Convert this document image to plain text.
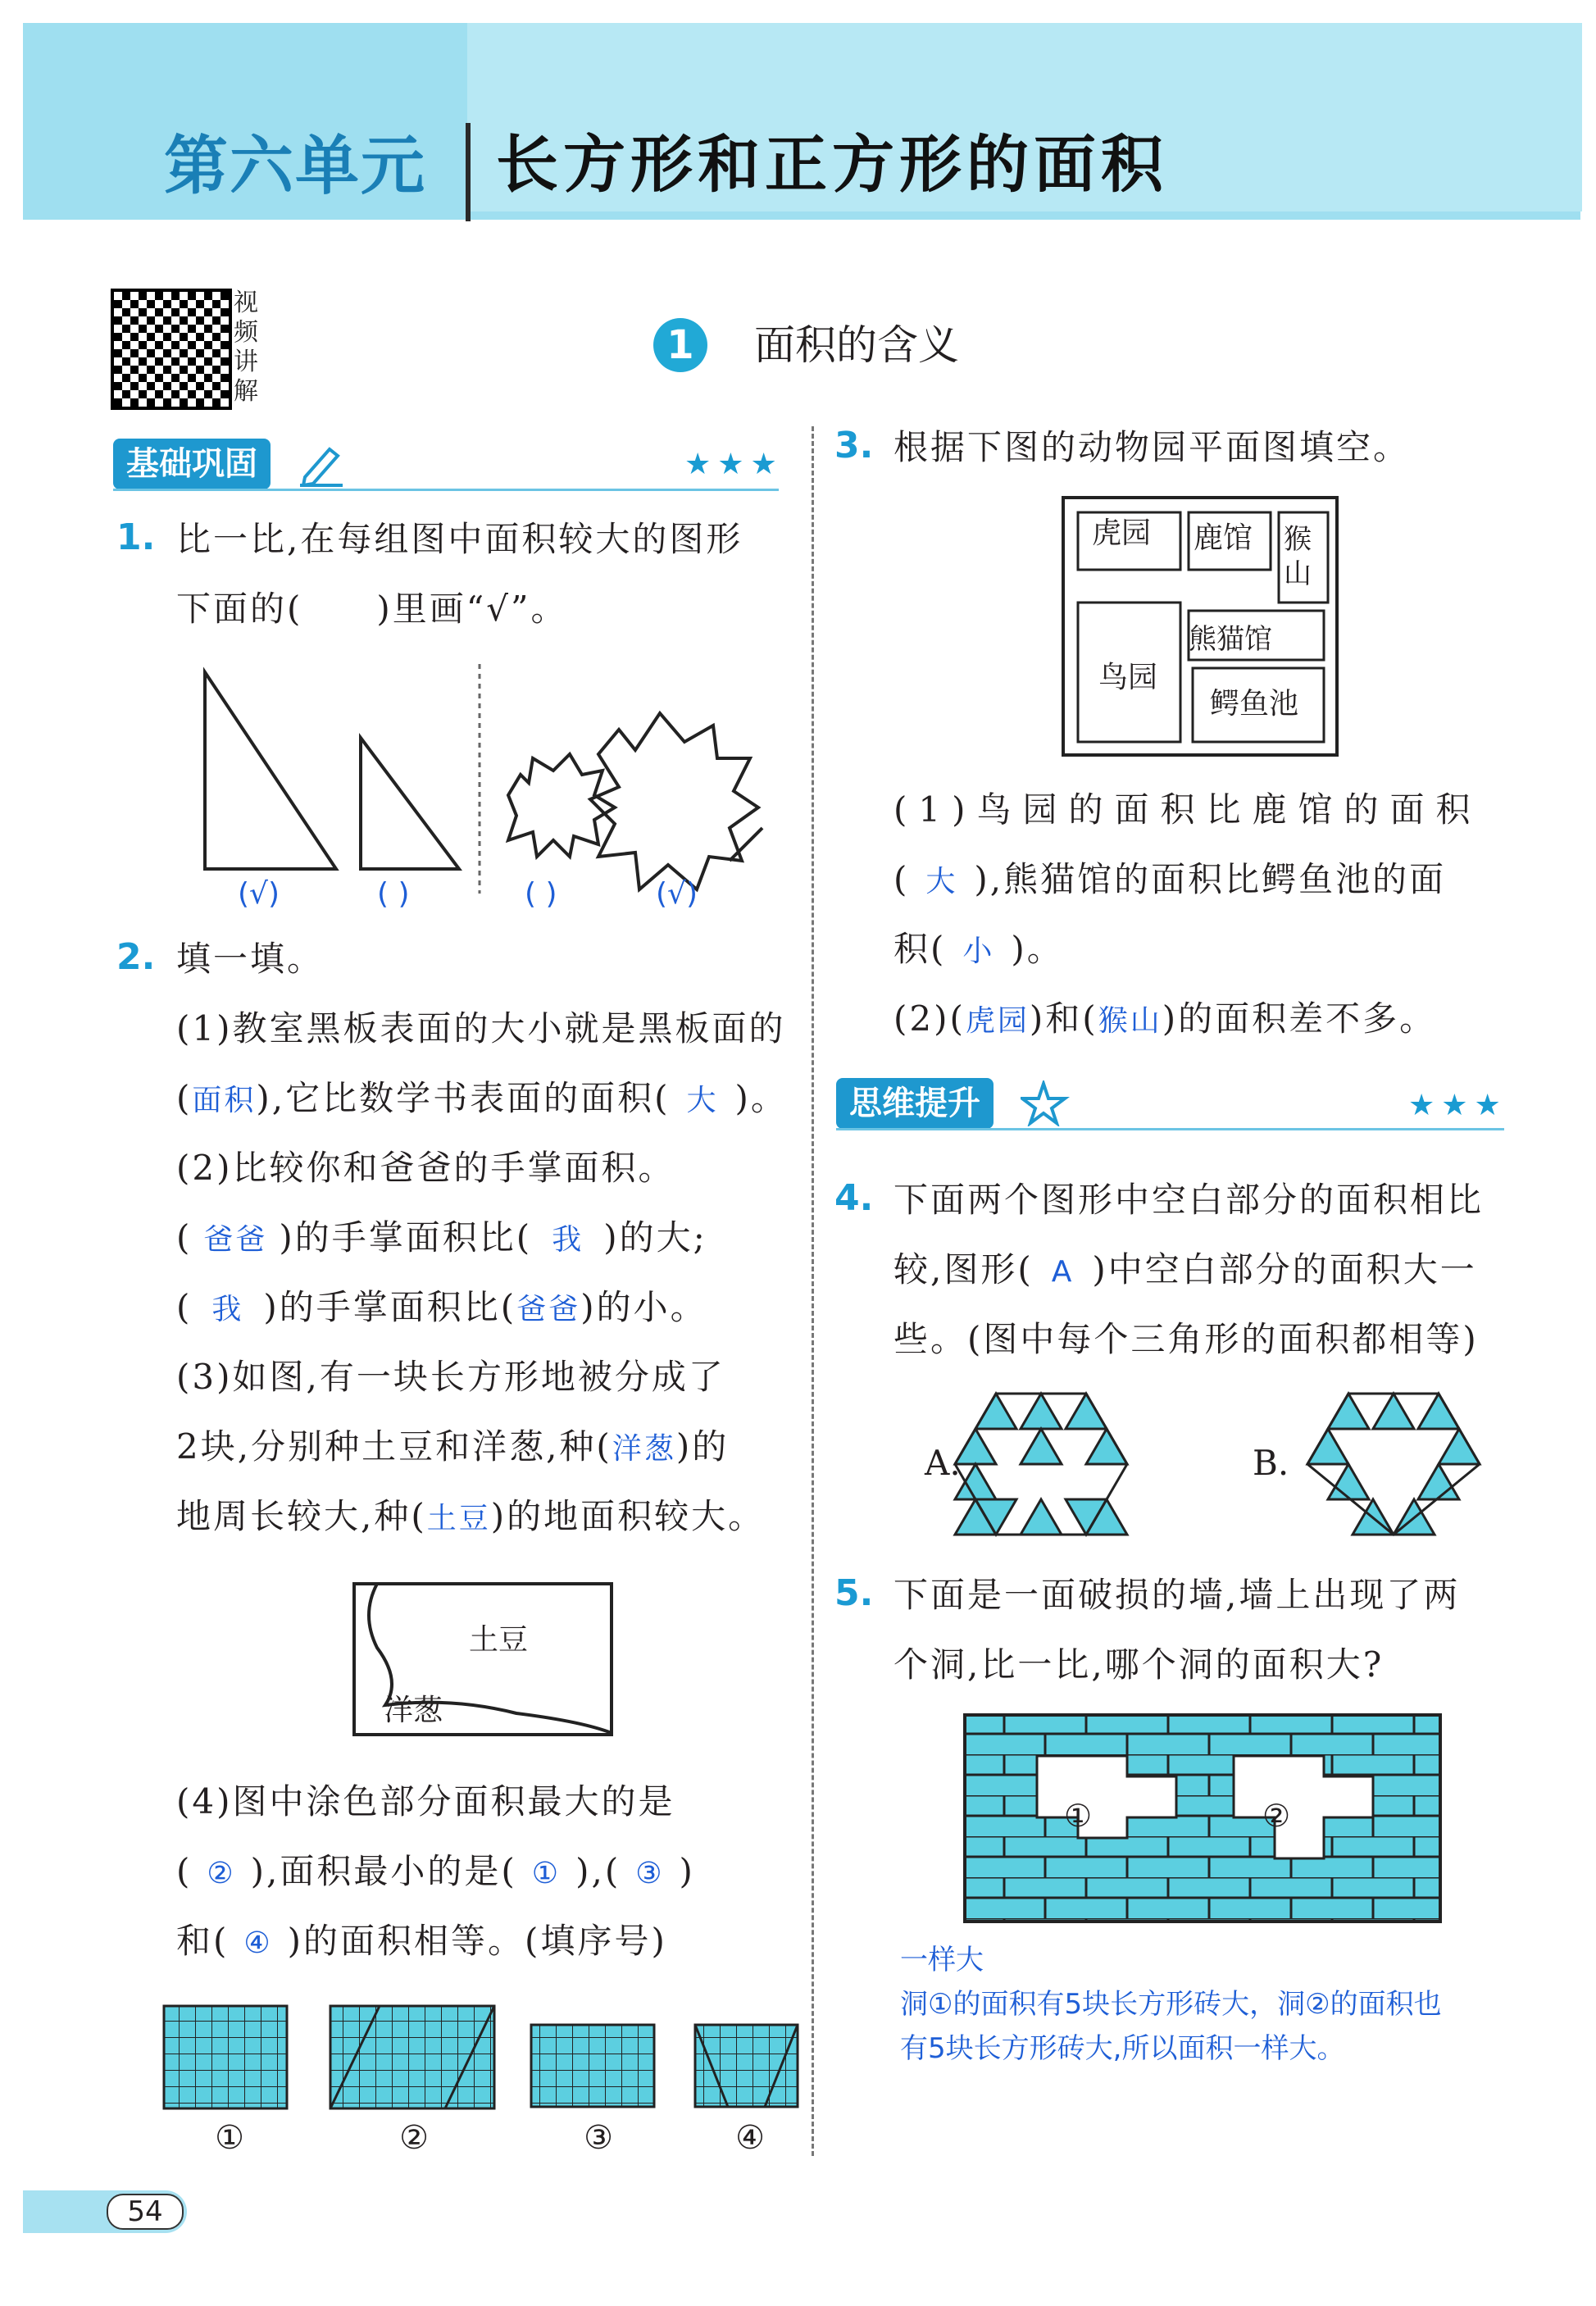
第六单元 长方形和正方形的面积
视
频
讲
解
1	面积的含义
基础巩固	★★★
1. 比一比,在每组图中面积较大的图形
下面的(　　)里画“√”。
(√)	( )	( )	(√)
2. 填一填。
(1)教室黑板表面的大小就是黑板面的
(面积),它比数学书表面的面积( 大 )。
(2)比较你和爸爸的手掌面积。
( 爸爸 )的手掌面积比( 我 )的大;
( 我 )的手掌面积比(爸爸)的小。
(3)如图,有一块长方形地被分成了
2块,分别种土豆和洋葱,种(洋葱)的
地周长较大,种(土豆)的地面积较大。
土豆
洋葱
(4)图中涂色部分面积最大的是
( ② ),面积最小的是( ① ),( ③ )
和( ④ )的面积相等。(填序号)
①	②	③	④
3. 根据下图的动物园平面图填空。
虎园 鹿馆 猴
山
熊猫馆
鸟园
鳄鱼池
(1)鸟园的面积比鹿馆的面积
( 大 ),熊猫馆的面积比鳄鱼池的面
积( 小 )。
(2)(虎园)和(猴山)的面积差不多。
思维提升	★★★
4. 下面两个图形中空白部分的面积相比
较,图形( A )中空白部分的面积大一
些。(图中每个三角形的面积都相等)
A.	B.
5. 下面是一面破损的墙,墙上出现了两
个洞,比一比,哪个洞的面积大?
①	②
一样大
洞①的面积有5块长方形砖大，洞②的面积也
有5块长方形砖大,所以面积一样大。
54
